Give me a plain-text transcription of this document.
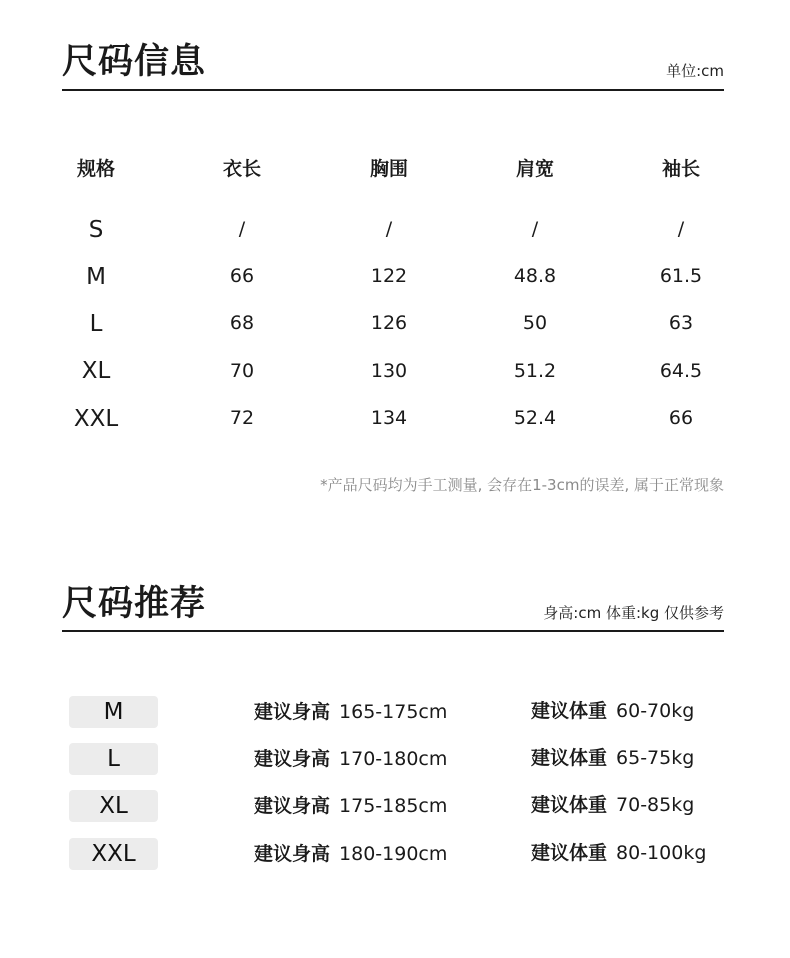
尺码信息	单位:cm
规格	衣长	胸围	肩宽	袖长
S	/	/	/	/
M	66	122	48.8	61.5
L	68	126	50	63
XL	70	130	51.2	64.5
XXL	72	134	52.4	66
*产品尺码均为手工测量, 会存在1-3cm的误差, 属于正常现象
尺码推荐	身高:cm 体重:kg 仅供参考
M	建议身高 165-175cm	建议体重 60-70kg
L	建议身高 170-180cm	建议体重 65-75kg
XL	建议身高 175-185cm	建议体重 70-85kg
XXL	建议身高 180-190cm	建议体重 80-100kg
